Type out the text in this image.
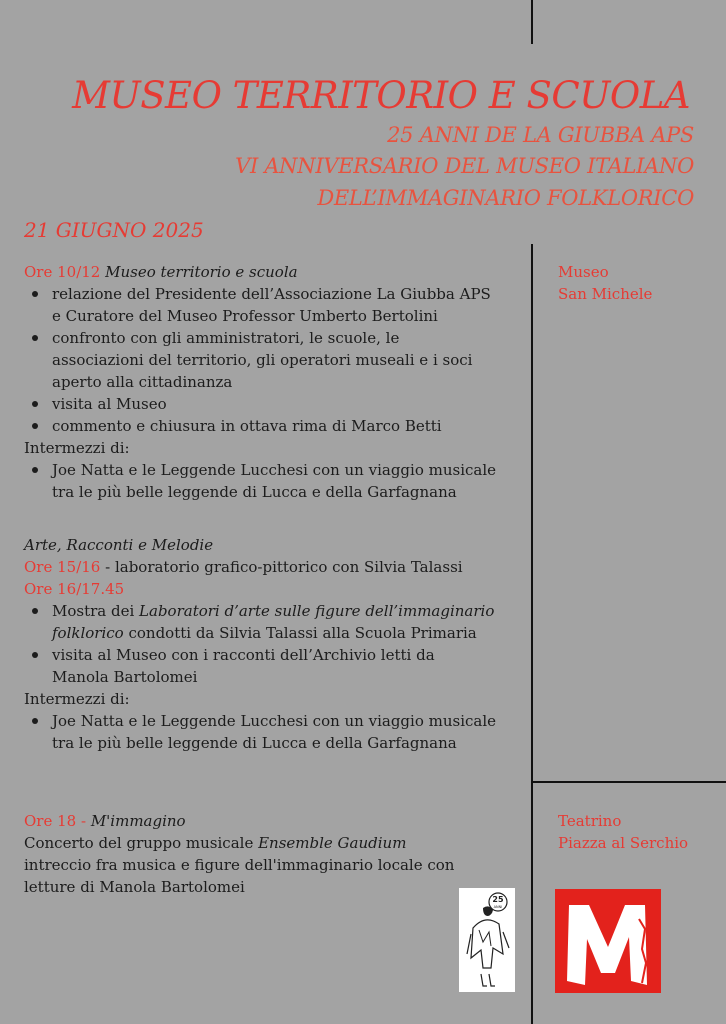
MUSEO TERRITORIO E SCUOLA
25 ANNI DE LA GIUBBA APS
VI ANNIVERSARIO DEL MUSEO ITALIANO
DELL’IMMAGINARIO FOLKLORICO
21 GIUGNO 2025
Ore 10/12 Museo territorio e scuola
relazione del Presidente dell’Associazione La Giubba APS
e Curatore del Museo Professor Umberto Bertolini
confronto con gli amministratori, le scuole, le
associazioni del territorio, gli operatori museali e i soci
aperto alla cittadinanza
visita al Museo
commento e chiusura in ottava rima di Marco Betti
Intermezzi di:
Joe Natta e le Leggende Lucchesi con un viaggio musicale
tra le più belle leggende di Lucca e della Garfagnana
Arte, Racconti e Melodie
Ore 15/16 - laboratorio grafico-pittorico con Silvia Talassi
Ore 16/17.45
Mostra dei Laboratori d’arte sulle figure dell’immaginario
folklorico condotti da Silvia Talassi alla Scuola Primaria
visita al Museo con i racconti dell’Archivio letti da
Manola Bartolomei
Intermezzi di:
Joe Natta e le Leggende Lucchesi con un viaggio musicale
tra le più belle leggende di Lucca e della Garfagnana
Ore 18 - M'immagino
Concerto del gruppo musicale Ensemble Gaudium
intreccio fra musica e figure dell'immaginario locale con
letture di Manola Bartolomei
Museo
San Michele
Teatrino
Piazza al Serchio
25
ANNI
